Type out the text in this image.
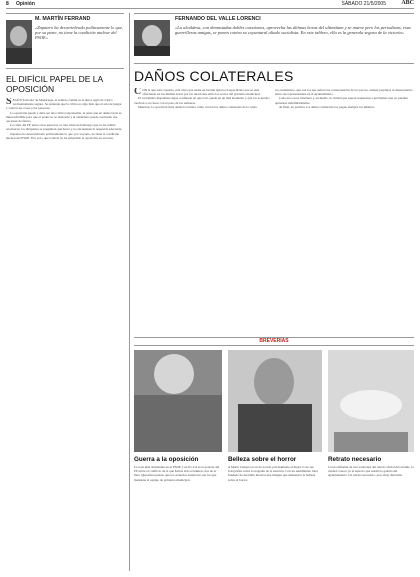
8 Opinión	SÁBADO 21/5/2005	ABC
M. MARTÍN FERRAND
«Zapatero ha desvertebrado políticamente lo que, por su parte, no tiene la condición nuclear del PSOE»
EL DIFÍCIL PAPEL DE LA OPOSICIÓN
S EGÚN Salvador de Madariaga, el sentido común es la única regla de crítica verdaderamente segura. Se entiende que la crítica es algo más que el arte de juzgar y valorar las cosas y las personas.

La oposición puede y debe ser una crítica responsable, la parte que en democracia es imprescindible para que el poder no se desborde y el ciudadano pueda contrastar sus opciones de futuro.

La crisis del PP, entre otros aspectos, es una crisis de liderazgo que no ha sabido resolverse; los dirigentes se preguntan qué hacer y no encuentran la respuesta adecuada.

Zapatero ha desvertebrado políticamente lo que, por su parte, no tiene la condición nuclear del PSOE. Eso es lo que todavía no ha entendido la oposición en su tarea.

FERNANDO DEL VALLE LORENCI
«La alcaldesa, con demasiadas dobles cuestiones, aprovecha las últimas horas del ultimátum y se mueve pero los periodistas, esas guerrilleras amigas, se ponen contra su coyuntural aliado socialista. En este tablero, ella es la generala segura de la victoria»
DAÑOS COLATERALES
C ON la que está cayendo, está claro que nadie en Sevilla ignora el espectáculo que se está ofreciendo en las últimas horas por las relaciones entre los socios del gobierno municipal.

El socialismo hispalense sigue confiando en que todo quede en un mal momento y que los acuerdos vuelvan a su cauce con el paso de las semanas.

Mientras, la oposición mira desde la barrera cómo crecen los daños colaterales de la crisis.

tos ciudadanos, que son los que sufren las consecuencias de los pactos, asisten perplejos al desencuentro entre sus representantes en el Ayuntamiento.

Cada uno en su trinchera y, en medio, la ciudad que espera respuestas a problemas que no pueden aplazarse indefinidamente.

Al final, en política, los daños colaterales los pagan siempre los mismos.

BREVERÍAS
Guerra a la oposición
La nota más dominante en el PSOE y en IU-CA es la postura del PP sobre el conflicto de la que habría sido el número dos de la lista. Queremos pensar que los acuerdos anteriores son los que mantiene el equipo de gobierno municipal.
Belleza sobre el horror
A María Campos no le ha tocado precisamente el mejor lo de sus fotografías sobre la tragedia de la estación. Con un sentimiento bien fundado ha decidido mostrar una imagen que demuestra la belleza sobre el horror.
Retrato necesario
Con la difusión de tres versiones del retrato oficial del alcalde, la ciudad conoce ya el aspecto que tendrá la galería del Ayuntamiento. Un retrato necesario, pero muy discutido.
